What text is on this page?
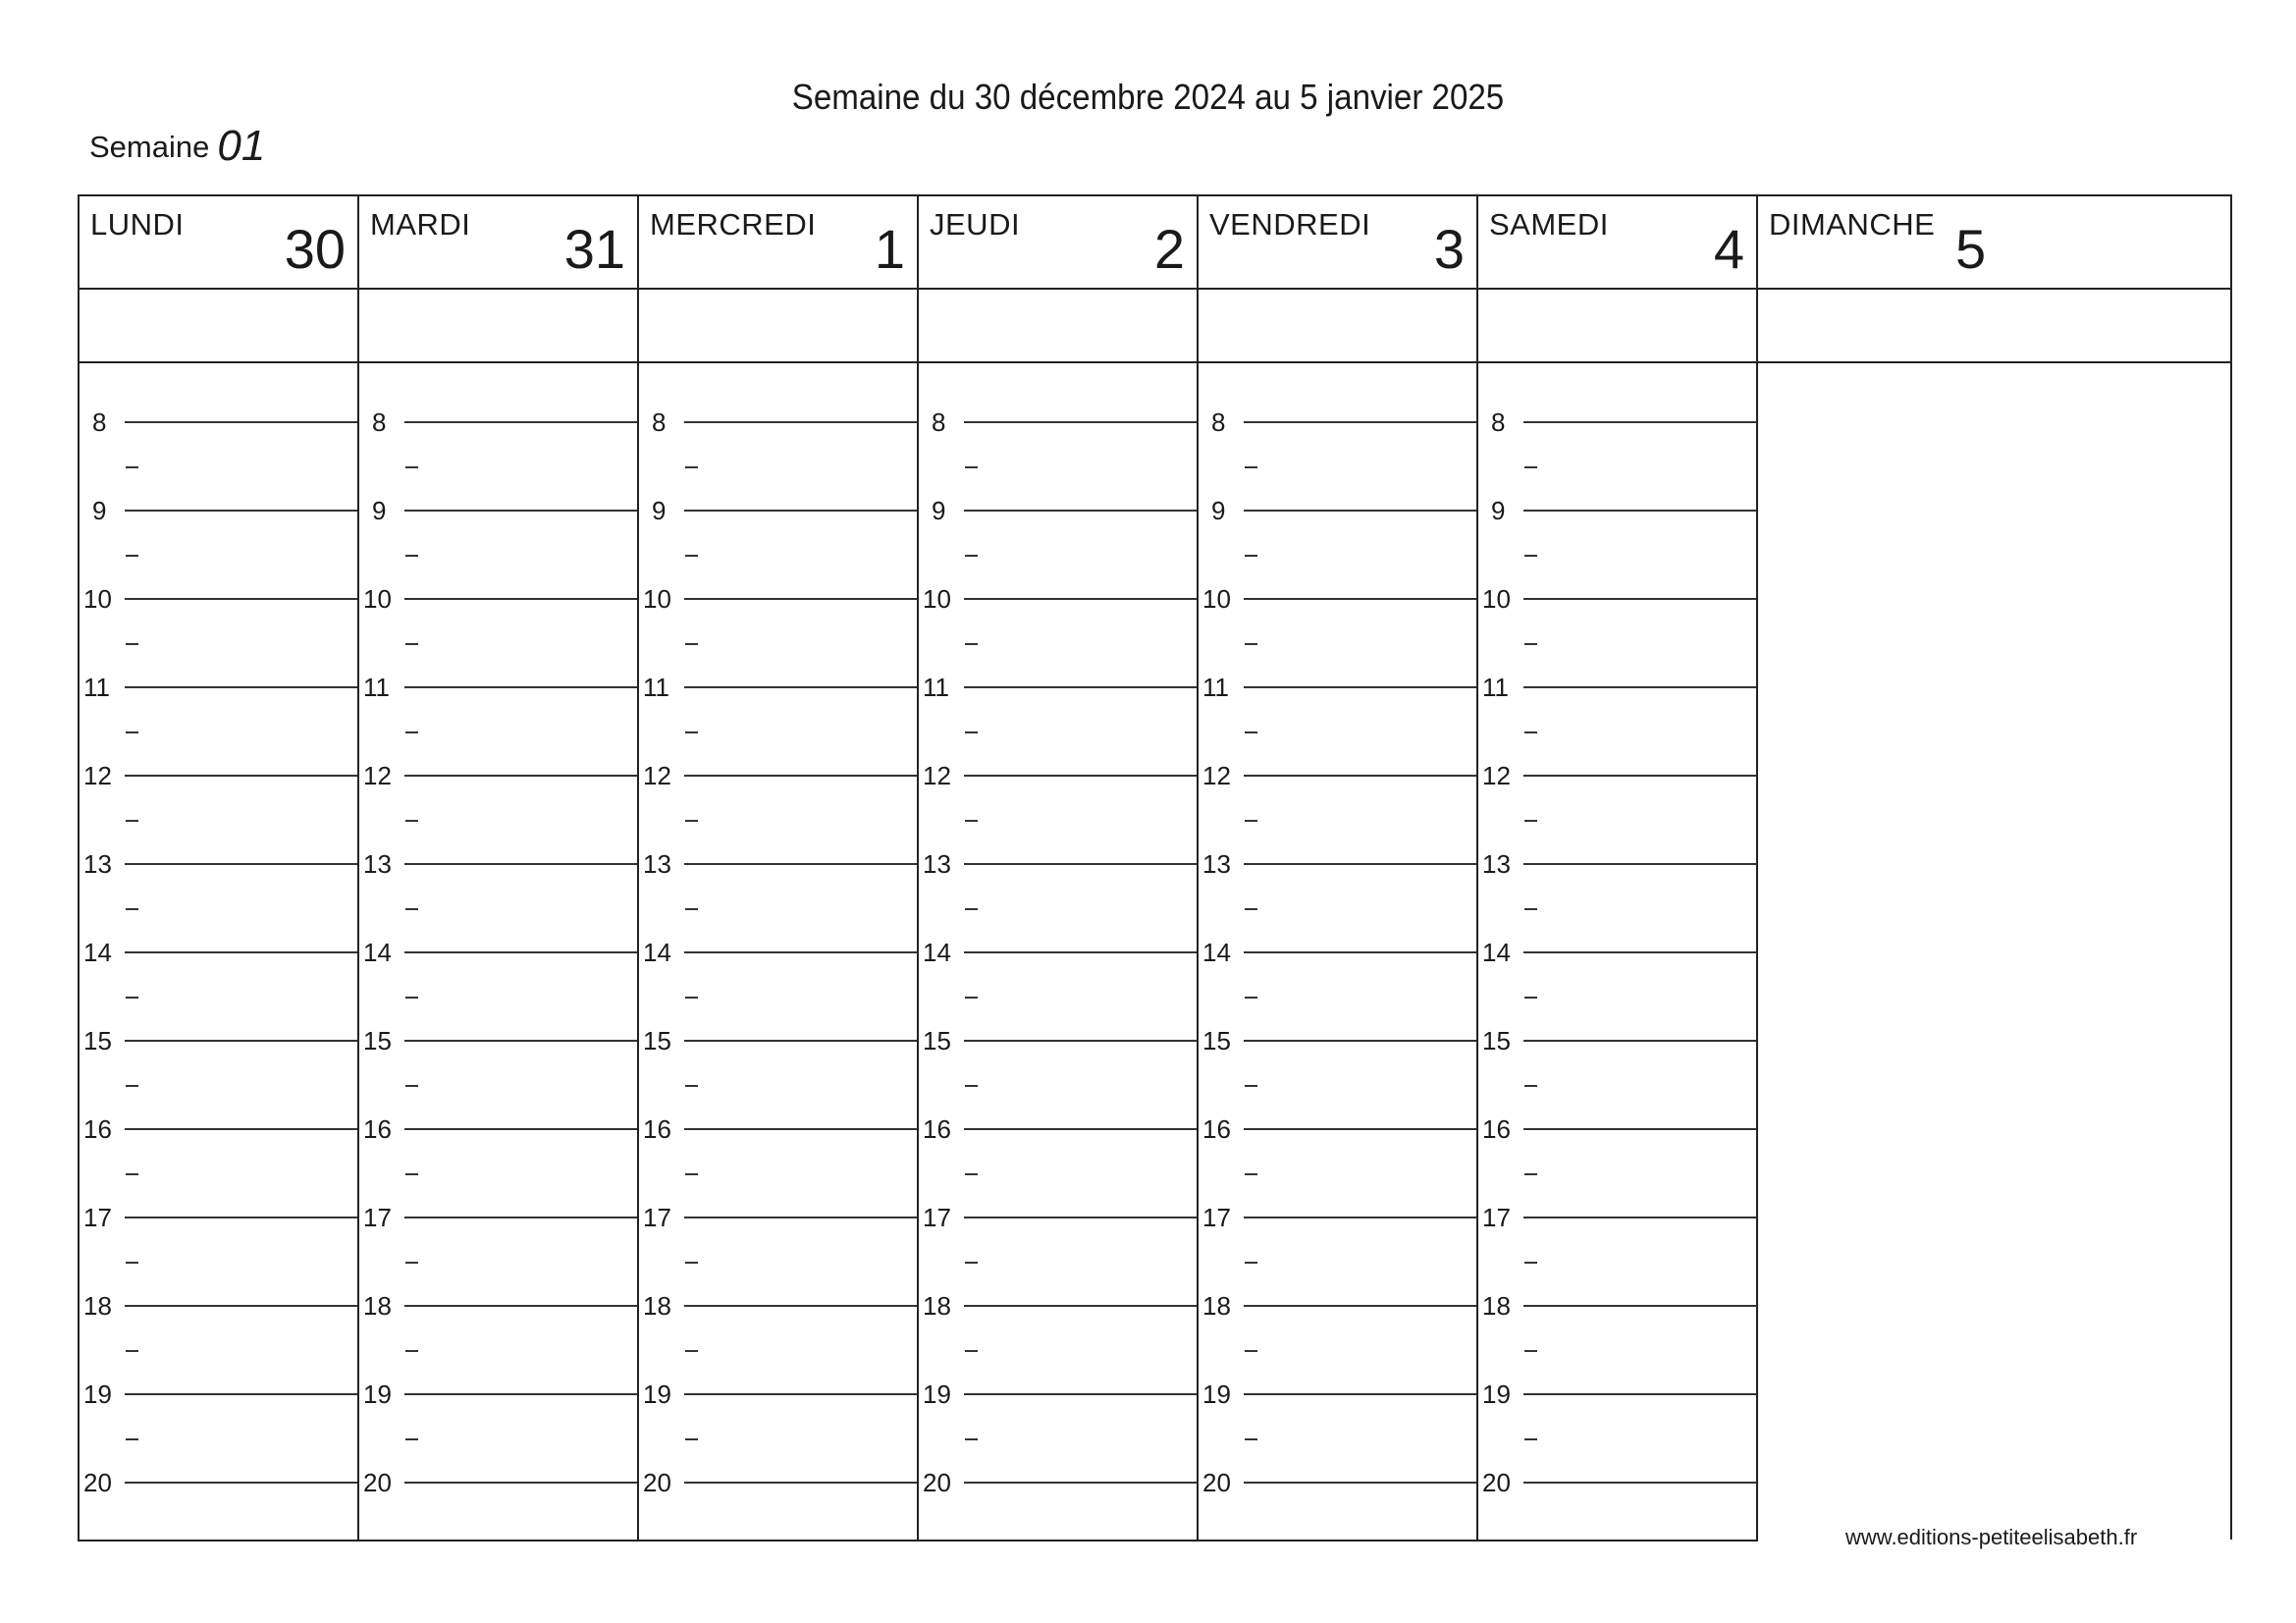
Semaine du 30 décembre 2024 au 5 janvier 2025
Semaine 01
LUNDI 30
8
9
10
11
12
13
14
15
16
17
18
19
20
MARDI 31
8
9
10
11
12
13
14
15
16
17
18
19
20
MERCREDI 1
8
9
10
11
12
13
14
15
16
17
18
19
20
JEUDI 2
8
9
10
11
12
13
14
15
16
17
18
19
20
VENDREDI 3
8
9
10
11
12
13
14
15
16
17
18
19
20
SAMEDI 4
8
9
10
11
12
13
14
15
16
17
18
19
20
DIMANCHE 5
www.editions-petiteelisabeth.fr
